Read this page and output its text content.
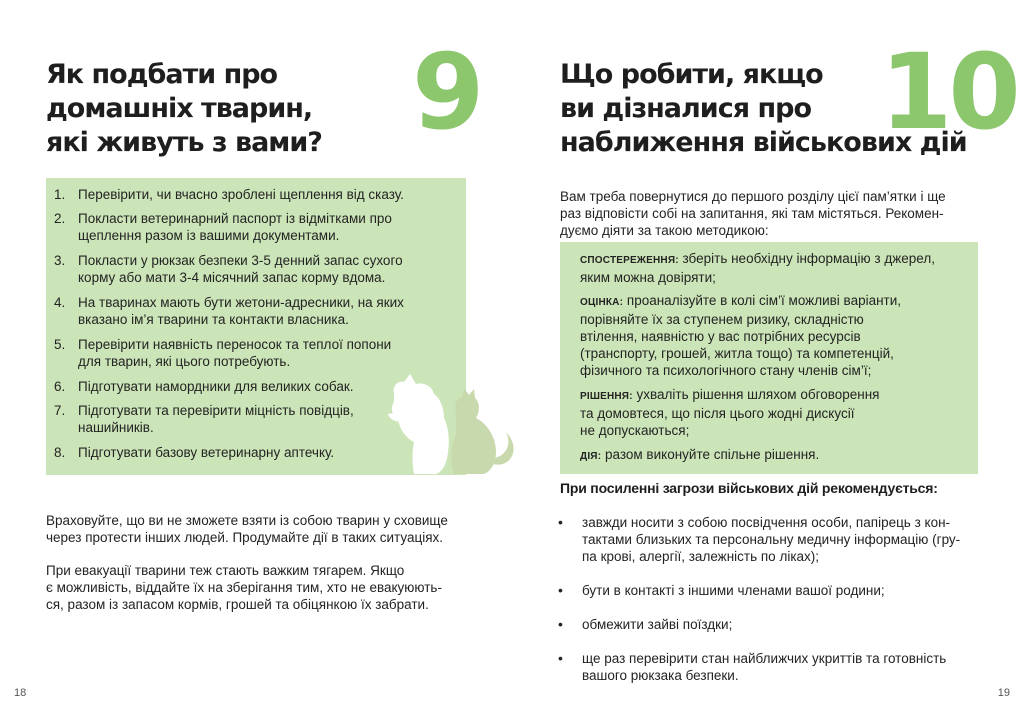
Як подбати про
домашніх тварин,
які живуть з вами? 9
1. Перевірити, чи вчасно зроблені щеплення від сказу.
2. Покласти ветеринарний паспорт із відмітками про
щеплення разом із вашими документами.
3. Покласти у рюкзак безпеки 3-5 денний запас сухого
корму або мати 3-4 місячний запас корму вдома.
4. На тваринах мають бути жетони-адресники, на яких
вказано ім’я тварини та контакти власника.
5. Перевірити наявність переносок та теплої попони
для тварин, які цього потребують.
6. Підготувати намордники для великих собак.
7. Підготувати та перевірити міцність повідців,
нашийників.
8. Підготувати базову ветеринарну аптечку.

Враховуйте, що ви не зможете взяти із собою тварин у сховище
через протести інших людей. Продумайте дії в таких ситуаціях.

При евакуації тварини теж стають важким тягарем. Якщо
є можливість, віддайте їх на зберігання тим, хто не евакуюють-
ся, разом із запасом кормів, грошей та обіцянкою їх забрати.

18
Що робити, якщо
ви дізналися про
наближення військових дій
10

Вам треба повернутися до першого розділу цієї пам’ятки і ще
раз відповісти собі на запитання, які там містяться. Рекомен-
дуємо діяти за такою методикою:

СПОСТЕРЕЖЕННЯ: зберіть необхідну інформацію з джерел,
яким можна довіряти;

ОЦІНКА: проаналізуйте в колі сім’ї можливі варіанти,
порівняйте їх за ступенем ризику, складністю
втілення, наявністю у вас потрібних ресурсів
(транспорту, грошей, житла тощо) та компетенцій,
фізичного та психологічного стану членів сім’ї;

РІШЕННЯ: ухваліть рішення шляхом обговорення
та домовтеся, що після цього жодні дискусії
не допускаються;

ДІЯ: разом виконуйте спільне рішення.

При посиленні загрози військових дій рекомендується:
• завжди носити з собою посвідчення особи, папірець з кон-
тактами близьких та персональну медичну інформацію (гру-
па крові, алергії, залежність по ліках);
• бути в контакті з іншими членами вашої родини;
• обмежити зайві поїздки;
• ще раз перевірити стан найближчих укриттів та готовність
вашого рюкзака безпеки.
19
